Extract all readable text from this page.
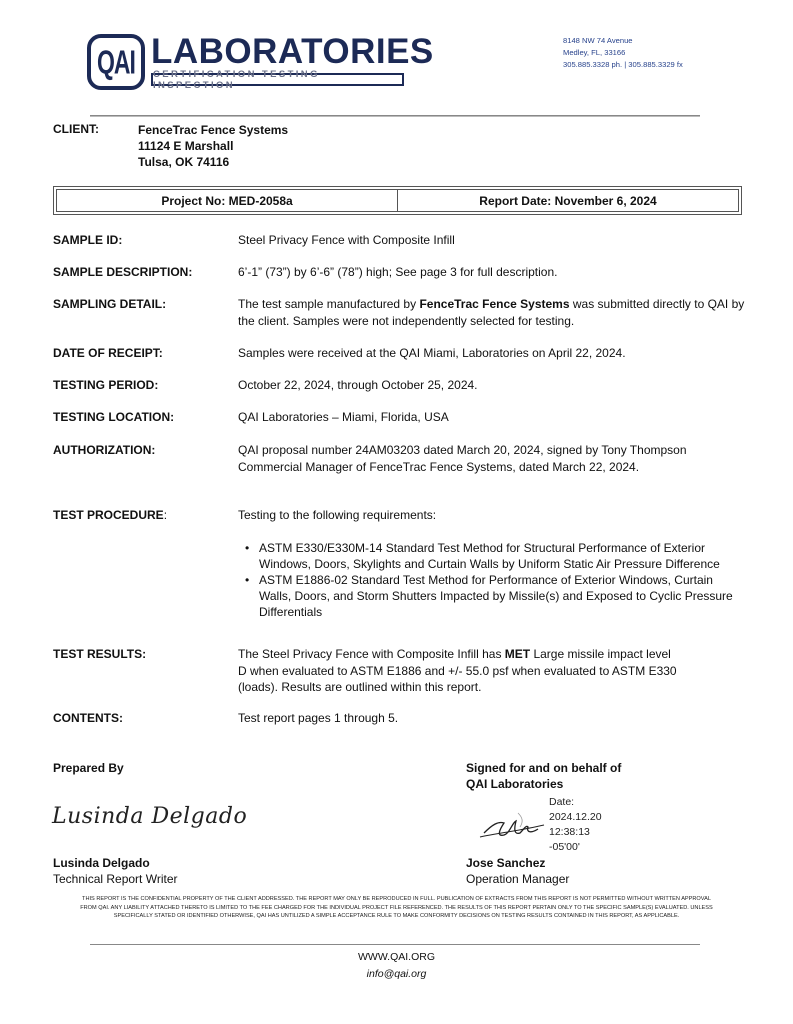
QAI LABORATORIES
CERTIFICATION TESTING INSPECTION
8148 NW 74 Avenue
Medley, FL, 33166
305.885.3328 ph. | 305.885.3329 fx
CLIENT:	FenceTrac Fence Systems
11124 E Marshall
Tulsa, OK 74116
Project No: MED-2058a	Report Date: November 6, 2024
SAMPLE ID:	Steel Privacy Fence with Composite Infill
SAMPLE DESCRIPTION:	6’-1” (73”) by 6’-6” (78”) high; See page 3 for full description.
SAMPLING DETAIL:	The test sample manufactured by FenceTrac Fence Systems was submitted directly to QAI by the client. Samples were not independently selected for testing.
DATE OF RECEIPT:	Samples were received at the QAI Miami, Laboratories on April 22, 2024.
TESTING PERIOD:	October 22, 2024, through October 25, 2024.
TESTING LOCATION:	QAI Laboratories – Miami, Florida, USA
AUTHORIZATION:	QAI proposal number 24AM03203 dated March 20, 2024, signed by Tony Thompson Commercial Manager of FenceTrac Fence Systems, dated March 22, 2024.
TEST PROCEDURE:	Testing to the following requirements:
• ASTM E330/E330M-14 Standard Test Method for Structural Performance of Exterior Windows, Doors, Skylights and Curtain Walls by Uniform Static Air Pressure Difference
• ASTM E1886-02 Standard Test Method for Performance of Exterior Windows, Curtain Walls, Doors, and Storm Shutters Impacted by Missile(s) and Exposed to Cyclic Pressure Differentials
TEST RESULTS:	The Steel Privacy Fence with Composite Infill has MET Large missile impact level D when evaluated to ASTM E1886 and +/- 55.0 psf when evaluated to ASTM E330 (loads). Results are outlined within this report.
CONTENTS:	Test report pages 1 through 5.
Prepared By
Lusinda Delgado
Lusinda Delgado
Technical Report Writer
Signed for and on behalf of
QAI Laboratories
Date:
2024.12.20
12:38:13
-05'00'
Jose Sanchez
Operation Manager
THIS REPORT IS THE CONFIDENTIAL PROPERTY OF THE CLIENT ADDRESSED. THE REPORT MAY ONLY BE REPRODUCED IN FULL. PUBLICATION OF EXTRACTS FROM THIS REPORT IS NOT PERMITTED WITHOUT WRITTEN APPROVAL FROM QAI. ANY LIABILITY ATTACHED THERETO IS LIMITED TO THE FEE CHARGED FOR THE INDIVIDUAL PROJECT FILE REFERENCED. THE RESULTS OF THIS REPORT PERTAIN ONLY TO THE SPECIFIC SAMPLE(S) EVALUATED. UNLESS SPECIFICALLY STATED OR IDENTIFIED OTHERWISE, QAI HAS UNTILIZED A SIMPLE ACCEPTANCE RULE TO MAKE CONFORMITY DECISIONS ON TESTING RESULTS CONTAINED IN THIS REPORT, AS APPLICABLE.
WWW.QAI.ORG
info@qai.org
